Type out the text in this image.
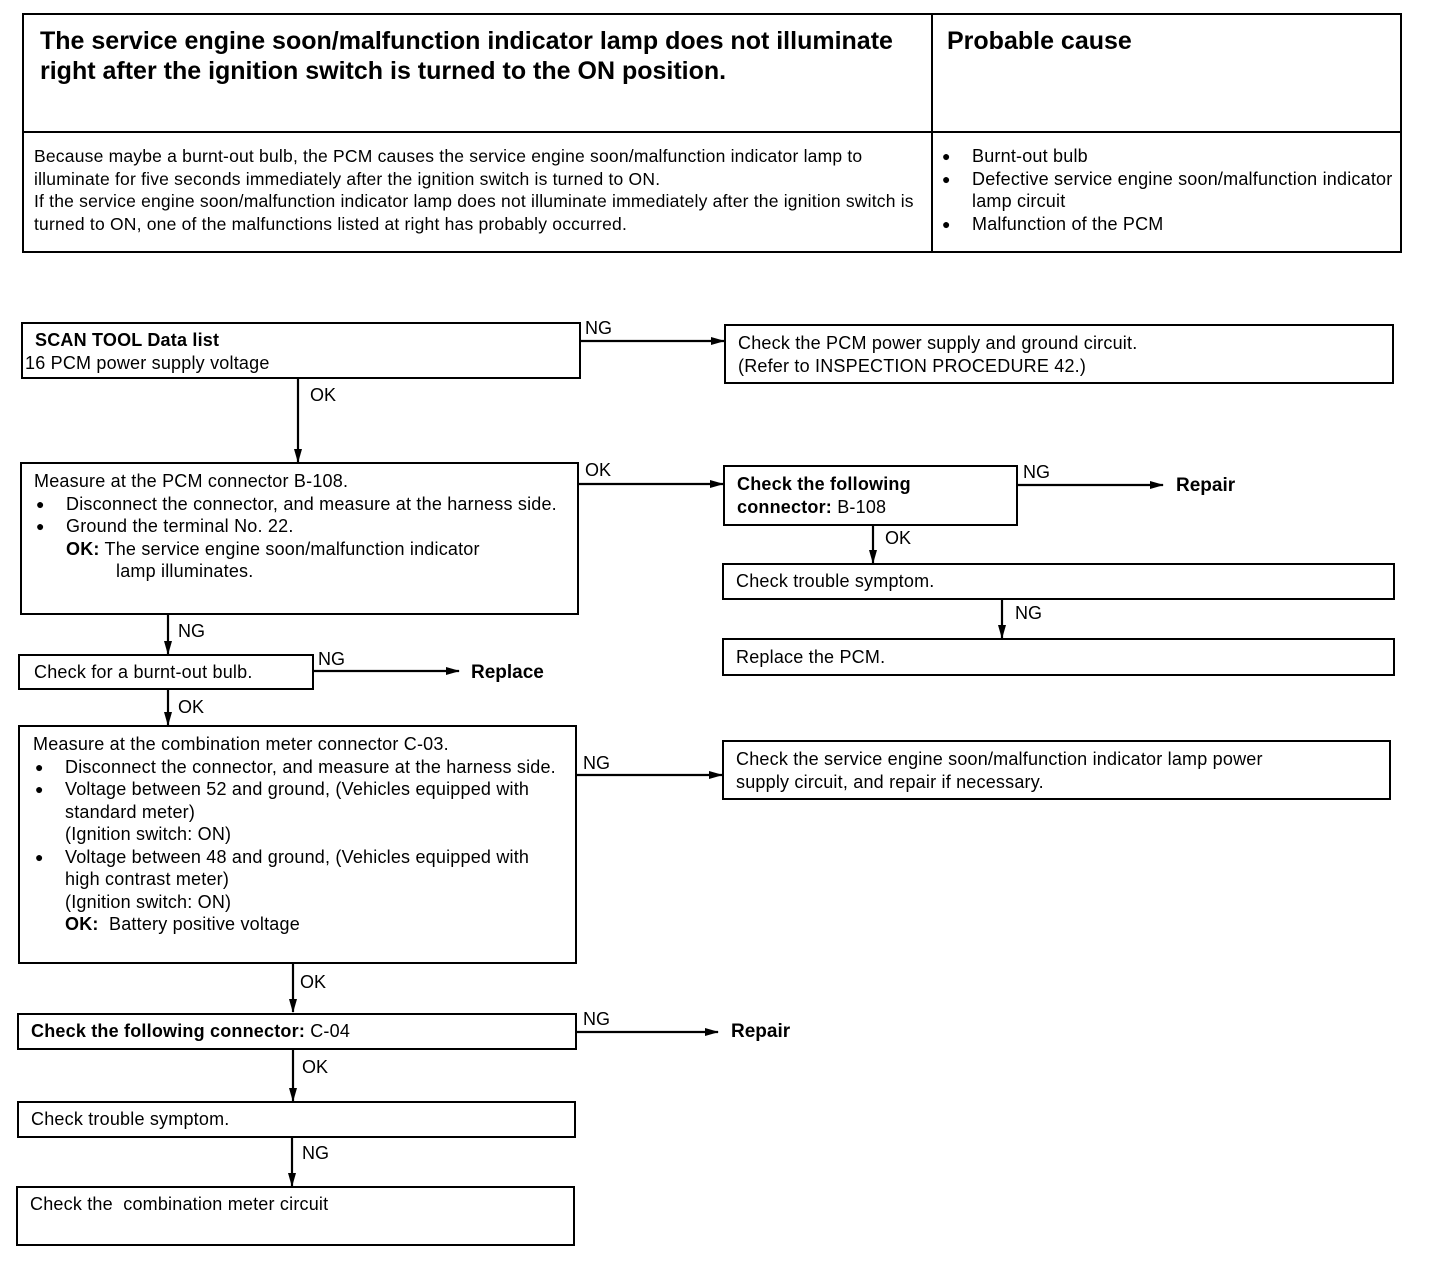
The service engine soon/malfunction indicator lamp does not illuminate right after the ignition switch is turned to the ON position.
Probable cause
Because maybe a burnt-out bulb, the PCM causes the service engine soon/malfunction indicator lamp to illuminate for five seconds immediately after the ignition switch is turned to ON.
If the service engine soon/malfunction indicator lamp does not illuminate immediately after the ignition switch is turned to ON, one of the malfunctions listed at right has probably occurred.
● Burnt-out bulb
● Defective service engine soon/malfunction indicator lamp circuit
● Malfunction of the PCM
SCAN TOOL Data list
16 PCM power supply voltage
Check the PCM power supply and ground circuit.
(Refer to INSPECTION PROCEDURE 42.)
Measure at the PCM connector B-108.
● Disconnect the connector, and measure at the harness side.
● Ground the terminal No. 22.
OK: The service engine soon/malfunction indicator
lamp illuminates.
Check the following connector: B-108
Repair
Check trouble symptom.
Replace the PCM.
Check for a burnt-out bulb.	Replace
Measure at the combination meter connector C-03.
● Disconnect the connector, and measure at the harness side.
● Voltage between 52 and ground, (Vehicles equipped with standard meter)
(Ignition switch: ON)
● Voltage between 48 and ground, (Vehicles equipped with high contrast meter)
(Ignition switch: ON)
OK: Battery positive voltage
Check the service engine soon/malfunction indicator lamp power
supply circuit, and repair if necessary.
Check the following connector: C-04	Repair
Check trouble symptom.
Check the  combination meter circuit
NG
OK
OK	NG
OK
NG
NG
NG
OK
NG
OK
NG
OK
NG
